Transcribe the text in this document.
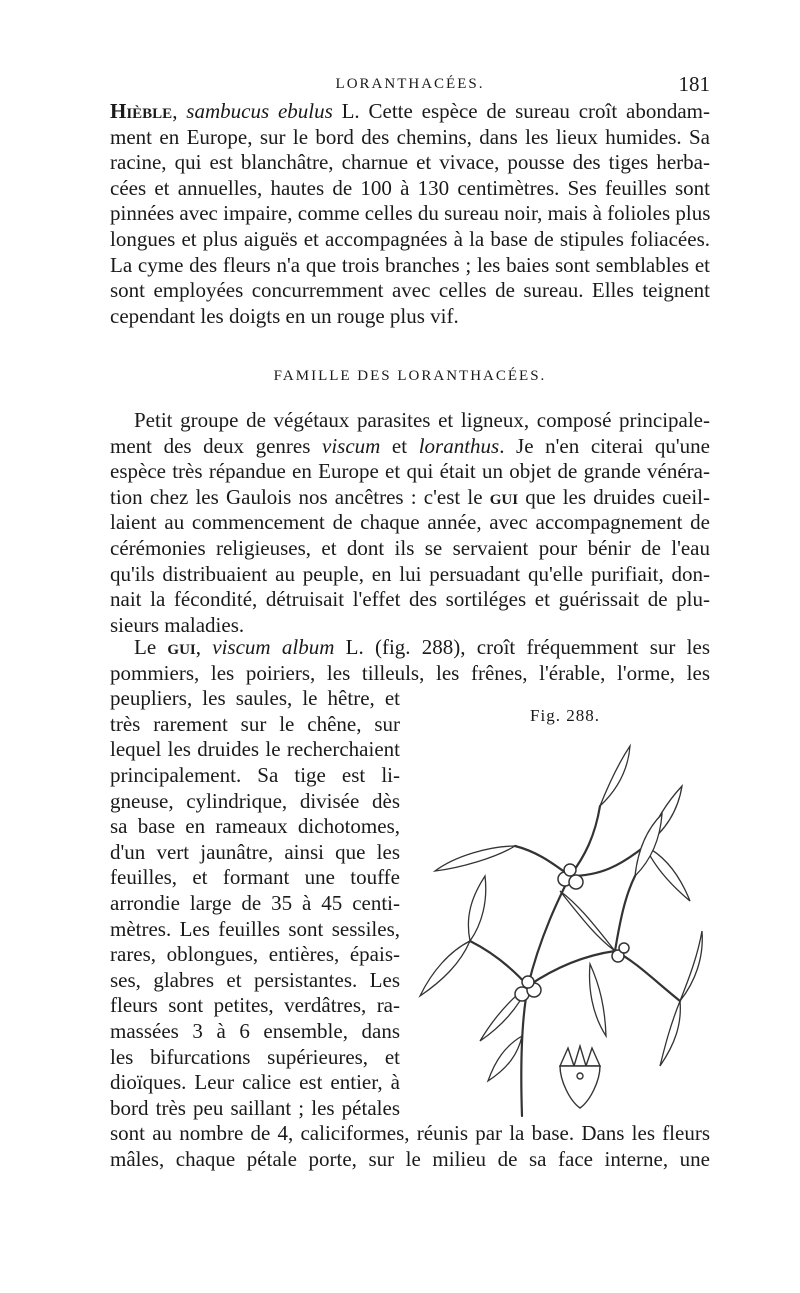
LORANTHACÉES.	181
Hièble, sambucus ebulus L. Cette espèce de sureau croît abondam-
ment en Europe, sur le bord des chemins, dans les lieux humides. Sa
racine, qui est blanchâtre, charnue et vivace, pousse des tiges herba-
cées et annuelles, hautes de 100 à 130 centimètres. Ses feuilles sont
pinnées avec impaire, comme celles du sureau noir, mais à folioles plus
longues et plus aiguës et accompagnées à la base de stipules foliacées.
La cyme des fleurs n'a que trois branches ; les baies sont semblables et
sont employées concurremment avec celles de sureau. Elles teignent
cependant les doigts en un rouge plus vif.
FAMILLE DES LORANTHACÉES.
Petit groupe de végétaux parasites et ligneux, composé principale-
ment des deux genres viscum et loranthus. Je n'en citerai qu'une
espèce très répandue en Europe et qui était un objet de grande vénéra-
tion chez les Gaulois nos ancêtres : c'est le gui que les druides cueil-
laient au commencement de chaque année, avec accompagnement de
cérémonies religieuses, et dont ils se servaient pour bénir de l'eau
qu'ils distribuaient au peuple, en lui persuadant qu'elle purifiait, don-
nait la fécondité, détruisait l'effet des sortiléges et guérissait de plu-
sieurs maladies.
Le gui, viscum album L. (fig. 288), croît fréquemment sur les
pommiers, les poiriers, les tilleuls, les frênes, l'érable, l'orme, les
peupliers, les saules, le hêtre, et
très rarement sur le chêne, sur
lequel les druides le recherchaient
principalement. Sa tige est li-
gneuse, cylindrique, divisée dès
sa base en rameaux dichotomes,
d'un vert jaunâtre, ainsi que les
feuilles, et formant une touffe
arrondie large de 35 à 45 centi-
mètres. Les feuilles sont sessiles,
rares, oblongues, entières, épais-
ses, glabres et persistantes. Les
fleurs sont petites, verdâtres, ra-
massées 3 à 6 ensemble, dans
les bifurcations supérieures, et
dioïques. Leur calice est entier, à
bord très peu saillant ; les pétales
sont au nombre de 4, caliciformes, réunis par la base. Dans les fleurs
mâles, chaque pétale porte, sur le milieu de sa face interne, une
Fig. 288.
